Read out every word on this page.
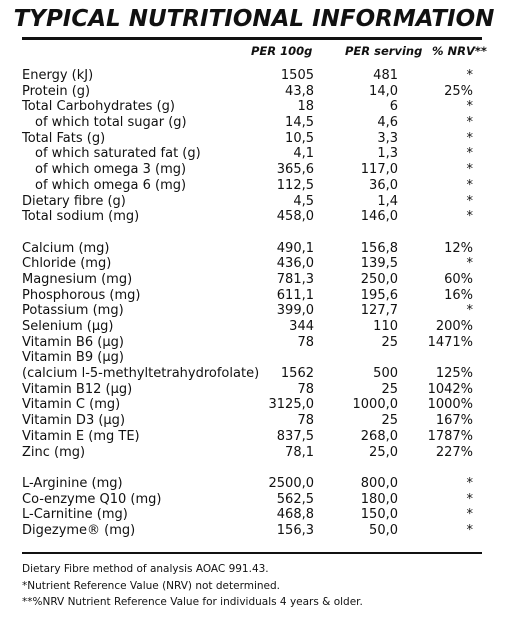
TYPICAL NUTRITIONAL INFORMATION
PER 100g	PER serving % NRV**
Energy (kJ)
Protein (g)
Total Carbohydrates (g)
of which total sugar (g)
Total Fats (g)
of which saturated fat (g)
of which omega 3 (mg)
of which omega 6 (mg)
Dietary fibre (g)
Total sodium (mg)
Calcium (mg)
Chloride (mg)
Magnesium (mg)
Phosphorous (mg)
Potassium (mg)
Selenium (µg)
Vitamin B6 (µg)
Vitamin B9 (µg)
(calcium l-5-methyltetrahydrofolate)
Vitamin B12 (µg)
Vitamin C (mg)
Vitamin D3 (µg)
Vitamin E (mg TE)
Zinc (mg)
L-Arginine (mg)
Co-enzyme Q10 (mg)
L-Carnitine (mg)
Digezyme® (mg)
1505
43,8
18
14,5
10,5
4,1
365,6
112,5
4,5
458,0
490,1
436,0
781,3
611,1
399,0
344
78
1562
78
3125,0
78
837,5
78,1
2500,0
562,5
468,8
156,3
481
14,0
6
4,6
3,3
1,3
117,0
36,0
1,4
146,0
156,8
139,5
250,0
195,6
127,7
110
25
500
25
1000,0
25
268,0
25,0
800,0
180,0
150,0
50,0
*
25%
*
*
*
*
*
*
*
*
12%
*
60%
16%
*
200%
1471%
125%
1042%
1000%
167%
1787%
227%
*
*
*
*
Dietary Fibre method of analysis AOAC 991.43.
*Nutrient Reference Value (NRV) not determined.
**%NRV Nutrient Reference Value for individuals 4 years & older.
